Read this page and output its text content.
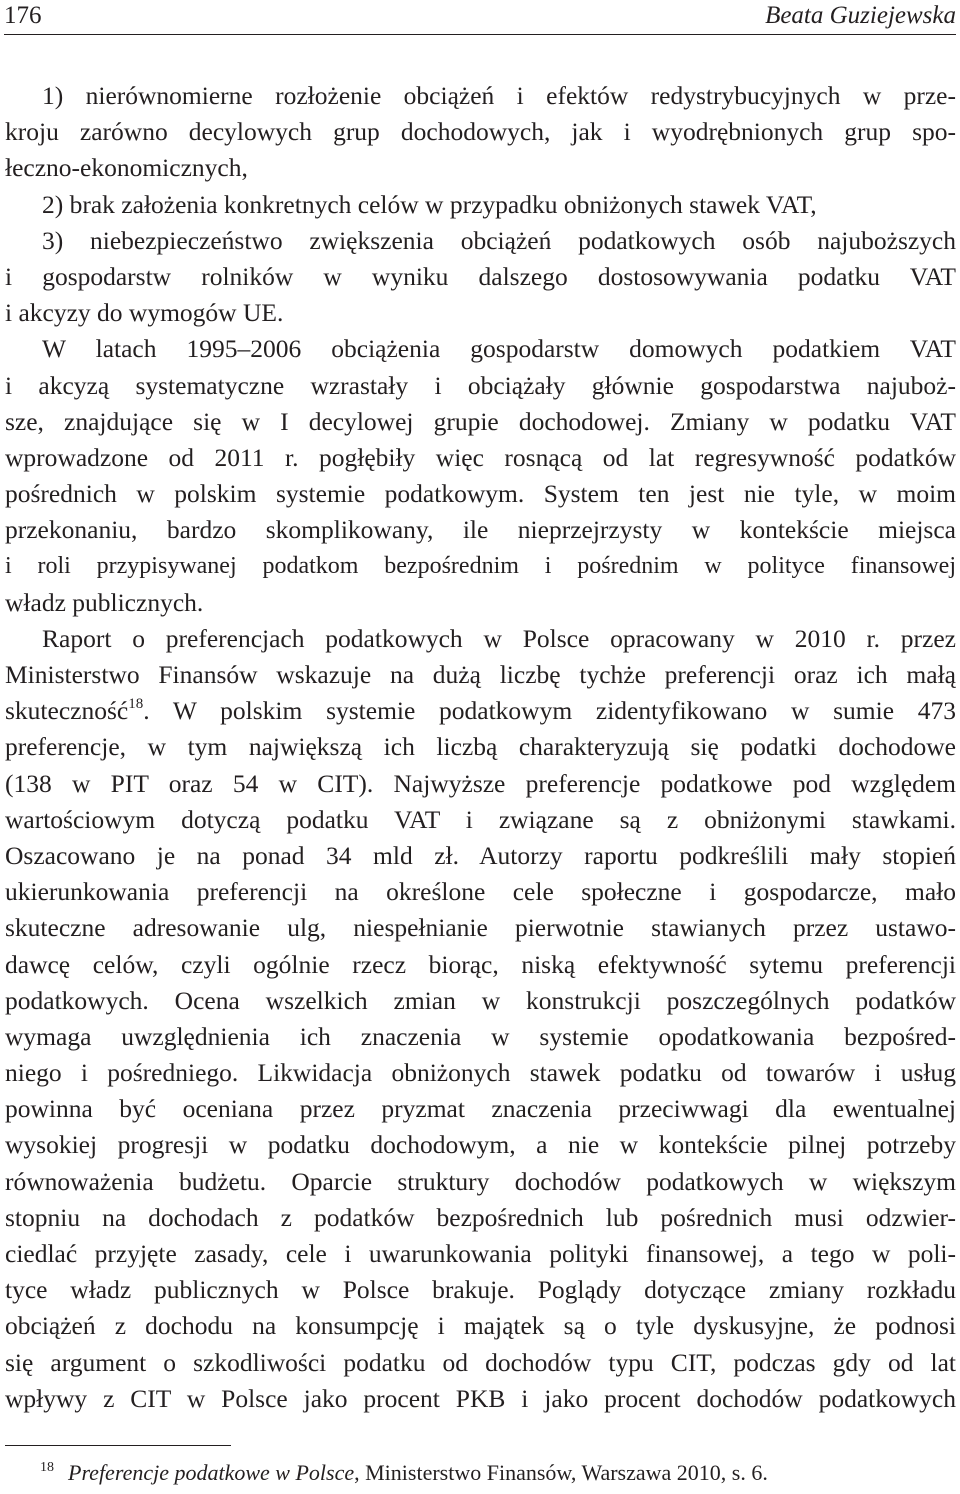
176	Beata Guziejewska
1) nierównomierne rozłożenie obciążeń i efektów redystrybucyjnych w prze-
kroju zarówno decylowych grup dochodowych, jak i wyodrębnionych grup spo-
łeczno-ekonomicznych,
2) brak założenia konkretnych celów w przypadku obniżonych stawek VAT,
3) niebezpieczeństwo zwiększenia obciążeń podatkowych osób najuboższych
i gospodarstw rolników w wyniku dalszego dostosowywania podatku VAT
i akcyzy do wymogów UE.
W latach 1995–2006 obciążenia gospodarstw domowych podatkiem VAT
i akcyzą systematyczne wzrastały i obciążały głównie gospodarstwa najuboż-
sze, znajdujące się w I decylowej grupie dochodowej. Zmiany w podatku VAT
wprowadzone od 2011 r. pogłębiły więc rosnącą od lat regresywność podatków
pośrednich w polskim systemie podatkowym. System ten jest nie tyle, w moim
przekonaniu, bardzo skomplikowany, ile nieprzejrzysty w kontekście miejsca
i roli przypisywanej podatkom bezpośrednim i pośrednim w polityce finansowej
władz publicznych.
Raport o preferencjach podatkowych w Polsce opracowany w 2010 r. przez
Ministerstwo Finansów wskazuje na dużą liczbę tychże preferencji oraz ich małą
skuteczność$^{18}$. W polskim systemie podatkowym zidentyfikowano w sumie 473
preferencje, w tym największą ich liczbą charakteryzują się podatki dochodowe
(138 w PIT oraz 54 w CIT). Najwyższe preferencje podatkowe pod względem
wartościowym dotyczą podatku VAT i związane są z obniżonymi stawkami.
Oszacowano je na ponad 34 mld zł. Autorzy raportu podkreślili mały stopień
ukierunkowania preferencji na określone cele społeczne i gospodarcze, mało
skuteczne adresowanie ulg, niespełnianie pierwotnie stawianych przez ustawo-
dawcę celów, czyli ogólnie rzecz biorąc, niską efektywność sytemu preferencji
podatkowych. Ocena wszelkich zmian w konstrukcji poszczególnych podatków
wymaga uwzględnienia ich znaczenia w systemie opodatkowania bezpośred-
niego i pośredniego. Likwidacja obniżonych stawek podatku od towarów i usług
powinna być oceniana przez pryzmat znaczenia przeciwwagi dla ewentualnej
wysokiej progresji w podatku dochodowym, a nie w kontekście pilnej potrzeby
równoważenia budżetu. Oparcie struktury dochodów podatkowych w większym
stopniu na dochodach z podatków bezpośrednich lub pośrednich musi odzwier-
ciedlać przyjęte zasady, cele i uwarunkowania polityki finansowej, a tego w poli-
tyce władz publicznych w Polsce brakuje. Poglądy dotyczące zmiany rozkładu
obciążeń z dochodu na konsumpcję i majątek są o tyle dyskusyjne, że podnosi
się argument o szkodliwości podatku od dochodów typu CIT, podczas gdy od lat
wpływy z CIT w Polsce jako procent PKB i jako procent dochodów podatkowych
$^{18}$ Preferencje podatkowe w Polsce, Ministerstwo Finansów, Warszawa 2010, s. 6.
